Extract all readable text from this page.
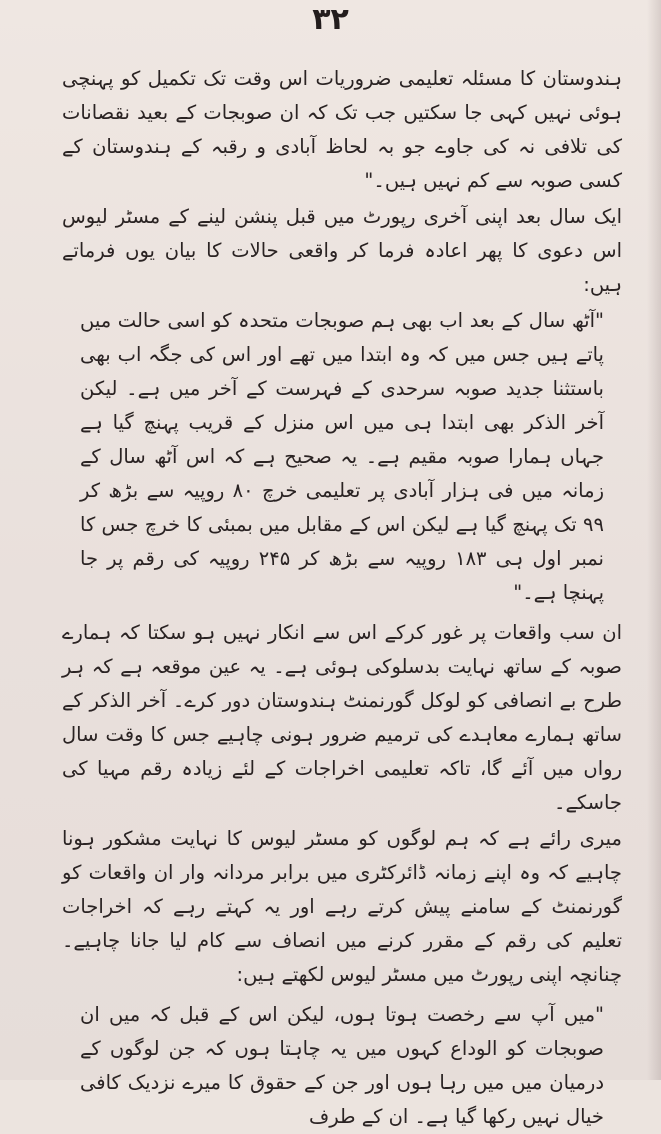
۳۲

ہندوستان کا مسئلہ تعلیمی ضروریات اس وقت تک تکمیل کو پہنچی ہوئی نہیں کہی جا سکتیں جب تک کہ ان صوبجات کے بعید نقصانات کی تلافی نہ کی جاوے جو بہ لحاظ آبادی و رقبہ کے ہندوستان کے کسی صوبہ سے کم نہیں ہیں۔"

ایک سال بعد اپنی آخری رپورٹ میں قبل پنشن لینے کے مسٹر لیوس اس دعوی کا پھر اعادہ فرما کر واقعی حالات کا بیان یوں فرماتے ہیں:

"آٹھ سال کے بعد اب بھی ہم صوبجات متحدہ کو اسی حالت میں پاتے ہیں جس میں کہ وہ ابتدا میں تھے اور اس کی جگہ اب بھی باستثنا جدید صوبہ سرحدی کے فہرست کے آخر میں ہے۔ لیکن آخر الذکر بھی ابتدا ہی میں اس منزل کے قریب پہنچ گیا ہے جہاں ہمارا صوبہ مقیم ہے۔ یہ صحیح ہے کہ اس آٹھ سال کے زمانہ میں فی ہزار آبادی پر تعلیمی خرچ ۸۰ روپیہ سے بڑھ کر ۹۹ تک پہنچ گیا ہے لیکن اس کے مقابل میں بمبئی کا خرچ جس کا نمبر اول ہی ۱۸۳ روپیہ سے بڑھ کر ۲۴۵ روپیہ کی رقم پر جا پہنچا ہے۔"

ان سب واقعات پر غور کرکے اس سے انکار نہیں ہو سکتا کہ ہمارے صوبہ کے ساتھ نہایت بدسلوکی ہوئی ہے۔ یہ عین موقعہ ہے کہ ہر طرح بے انصافی کو لوکل گورنمنٹ ہندوستان دور کرے۔ آخر الذکر کے ساتھ ہمارے معاہدے کی ترمیم ضرور ہونی چاہیے جس کا وقت سال رواں میں آئے گا، تاکہ تعلیمی اخراجات کے لئے زیادہ رقم مہیا کی جاسکے۔

میری رائے ہے کہ ہم لوگوں کو مسٹر لیوس کا نہایت مشکور ہونا چاہیے کہ وہ اپنے زمانہ ڈائرکٹری میں برابر مردانہ وار ان واقعات کو گورنمنٹ کے سامنے پیش کرتے رہے اور یہ کہتے رہے کہ اخراجات تعلیم کی رقم کے مقرر کرنے میں انصاف سے کام لیا جانا چاہیے۔ چنانچہ اپنی رپورٹ میں مسٹر لیوس لکھتے ہیں:

"میں آپ سے رخصت ہوتا ہوں، لیکن اس کے قبل کہ میں ان صوبجات کو الوداع کہوں میں یہ چاہتا ہوں کہ جن لوگوں کے درمیان میں میں رہا ہوں اور جن کے حقوق کا میرے نزدیک کافی خیال نہیں رکھا گیا ہے۔ ان کے طرف
